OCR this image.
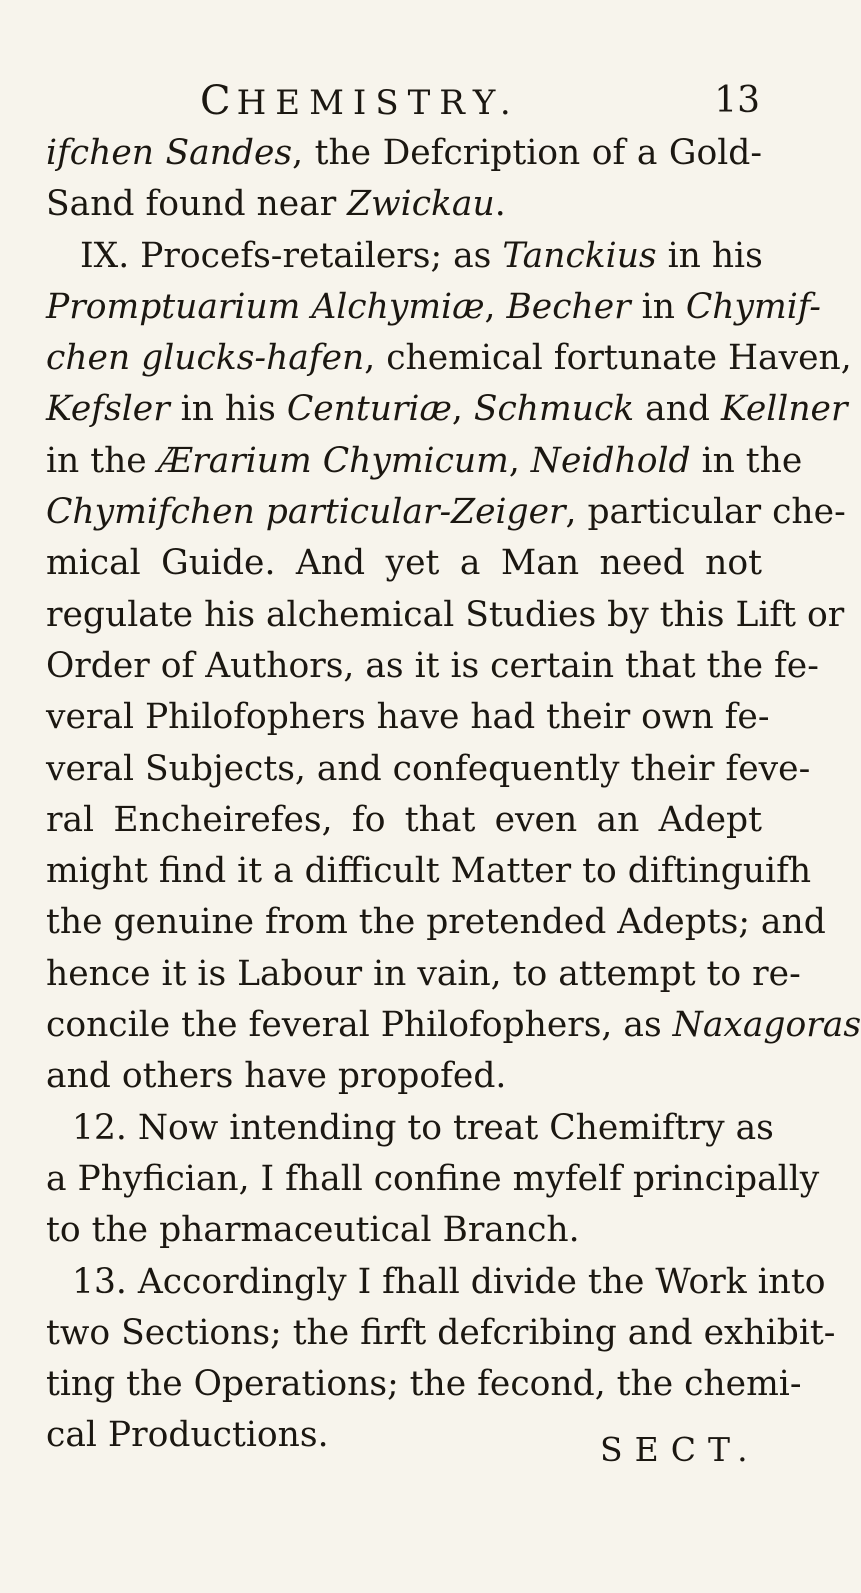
CHEMISTRY.	13
ifchen Sandes, the Defcription of a Gold-
Sand found near Zwickau.
IX. Procefs-retailers; as Tanckius in his
Promptuarium Alchymiæ, Becher in Chymif-
chen glucks-hafen, chemical fortunate Haven,
Kefsler in his Centuriæ, Schmuck and Kellner
in the Ærarium Chymicum, Neidhold in the
Chymifchen particular-Zeiger, particular che-
mical Guide. And yet a Man need not
regulate his alchemical Studies by this Lift or
Order of Authors, as it is certain that the fe-
veral Philofophers have had their own fe-
veral Subjects, and confequently their feve-
ral Encheirefes, fo that even an Adept
might find it a difficult Matter to diftinguifh
the genuine from the pretended Adepts; and
hence it is Labour in vain, to attempt to re-
concile the feveral Philofophers, as Naxagoras
and others have propofed.
12. Now intending to treat Chemiftry as
a Phyfician, I fhall confine myfelf principally
to the pharmaceutical Branch.
13. Accordingly I fhall divide the Work into
two Sections; the firft defcribing and exhibit-
ting the Operations; the fecond, the chemi-
cal Productions.	SECT.
